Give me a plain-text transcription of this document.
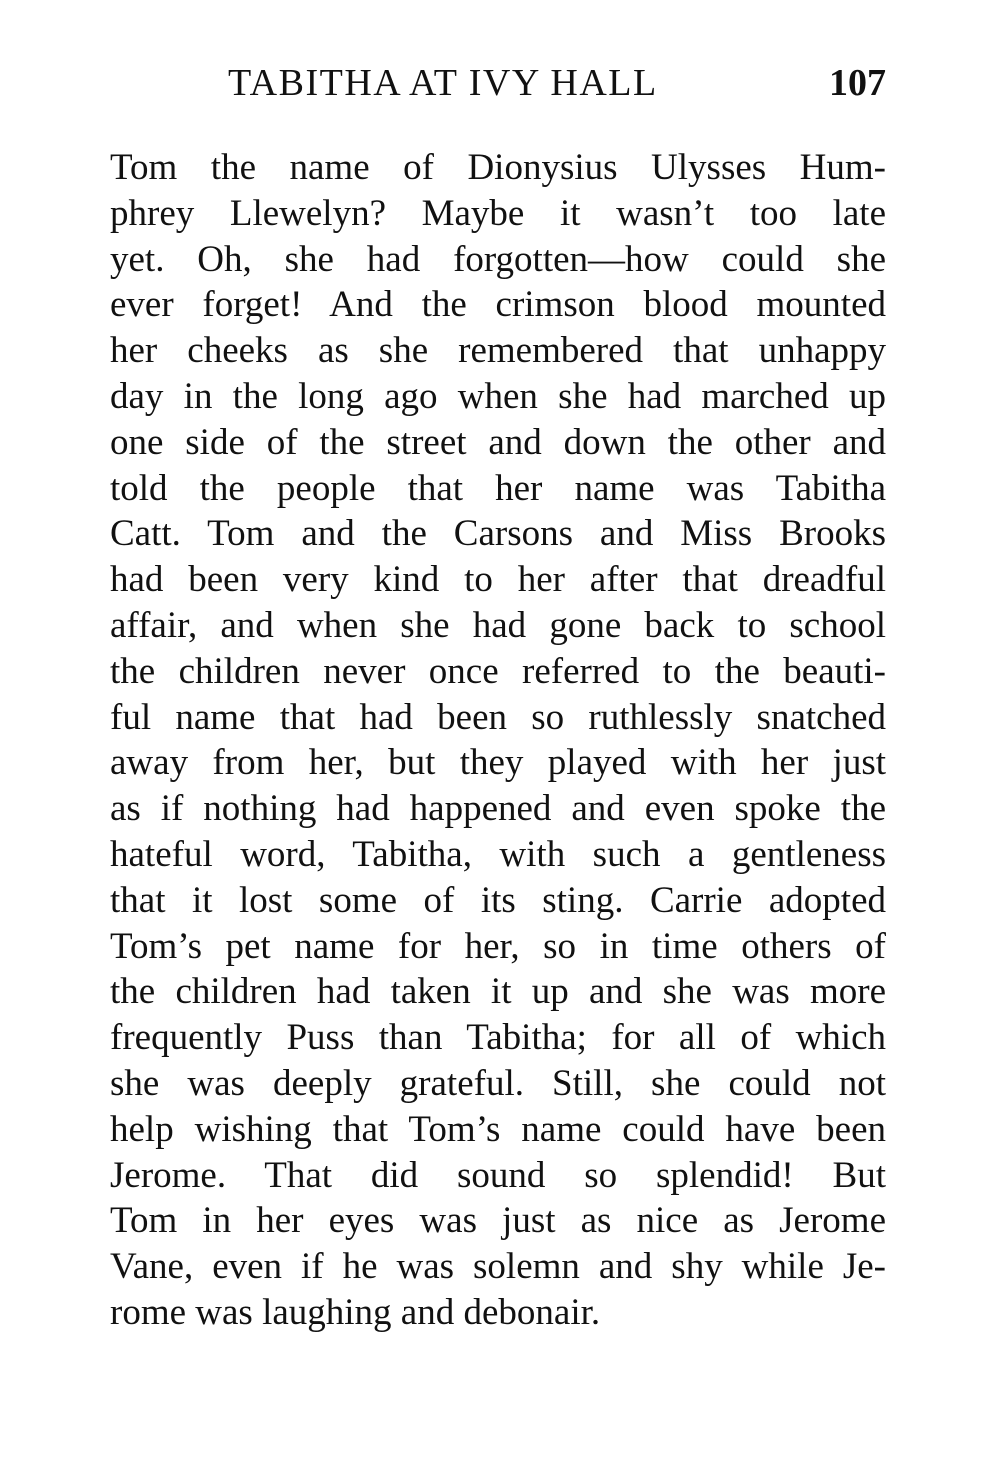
TABITHA AT IVY HALL	107
Tom the name of Dionysius Ulysses Hum-
phrey Llewelyn? Maybe it wasn’t too late
yet. Oh, she had forgotten—how could she
ever forget! And the crimson blood mounted
her cheeks as she remembered that unhappy
day in the long ago when she had marched up
one side of the street and down the other and
told the people that her name was Tabitha
Catt. Tom and the Carsons and Miss Brooks
had been very kind to her after that dreadful
affair, and when she had gone back to school
the children never once referred to the beauti-
ful name that had been so ruthlessly snatched
away from her, but they played with her just
as if nothing had happened and even spoke the
hateful word, Tabitha, with such a gentleness
that it lost some of its sting. Carrie adopted
Tom’s pet name for her, so in time others of
the children had taken it up and she was more
frequently Puss than Tabitha; for all of which
she was deeply grateful. Still, she could not
help wishing that Tom’s name could have been
Jerome. That did sound so splendid! But
Tom in her eyes was just as nice as Jerome
Vane, even if he was solemn and shy while Je-
rome was laughing and debonair.
